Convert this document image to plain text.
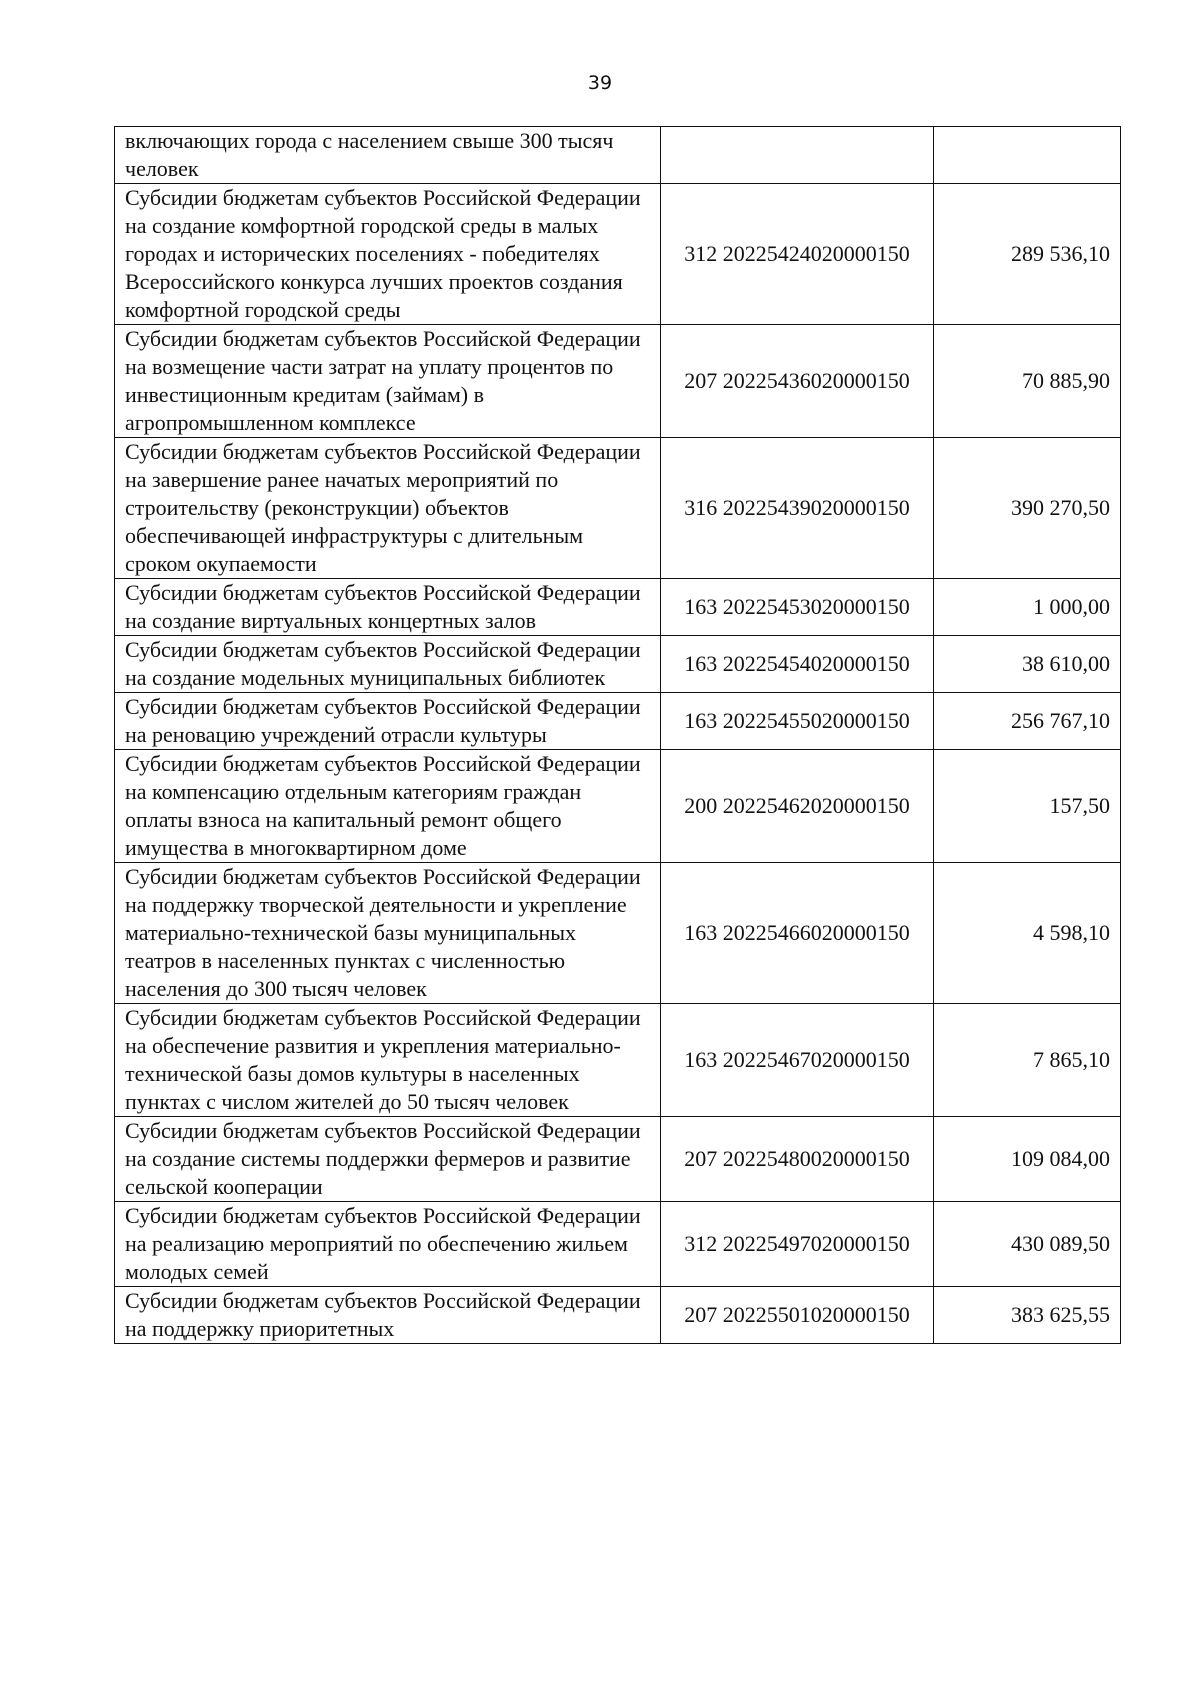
39
включающих города с населением свыше 300 тысяч человек		
Субсидии бюджетам субъектов Российской Федерации на создание комфортной городской среды в малых городах и исторических поселениях - победителях Всероссийского конкурса лучших проектов создания комфортной городской среды	312 20225424020000150	289 536,10
Субсидии бюджетам субъектов Российской Федерации на возмещение части затрат на уплату процентов по инвестиционным кредитам (займам) в агропромышленном комплексе	207 20225436020000150	70 885,90
Субсидии бюджетам субъектов Российской Федерации на завершение ранее начатых мероприятий по строительству (реконструкции) объектов обеспечивающей инфраструктуры с длительным сроком окупаемости	316 20225439020000150	390 270,50
Субсидии бюджетам субъектов Российской Федерации на создание виртуальных концертных залов	163 20225453020000150	1 000,00
Субсидии бюджетам субъектов Российской Федерации на создание модельных муниципальных библиотек	163 20225454020000150	38 610,00
Субсидии бюджетам субъектов Российской Федерации на реновацию учреждений отрасли культуры	163 20225455020000150	256 767,10
Субсидии бюджетам субъектов Российской Федерации на компенсацию отдельным категориям граждан оплаты взноса на капитальный ремонт общего имущества в многоквартирном доме	200 20225462020000150	157,50
Субсидии бюджетам субъектов Российской Федерации на поддержку творческой деятельности и укрепление материально-технической базы муниципальных театров в населенных пунктах с численностью населения до 300 тысяч человек	163 20225466020000150	4 598,10
Субсидии бюджетам субъектов Российской Федерации на обеспечение развития и укрепления материально-технической базы домов культуры в населенных пунктах с числом жителей до 50 тысяч человек	163 20225467020000150	7 865,10
Субсидии бюджетам субъектов Российской Федерации на создание системы поддержки фермеров и развитие сельской кооперации	207 20225480020000150	109 084,00
Субсидии бюджетам субъектов Российской Федерации на реализацию мероприятий по обеспечению жильем молодых семей	312 20225497020000150	430 089,50
Субсидии бюджетам субъектов Российской Федерации на поддержку приоритетных	207 20225501020000150	383 625,55
